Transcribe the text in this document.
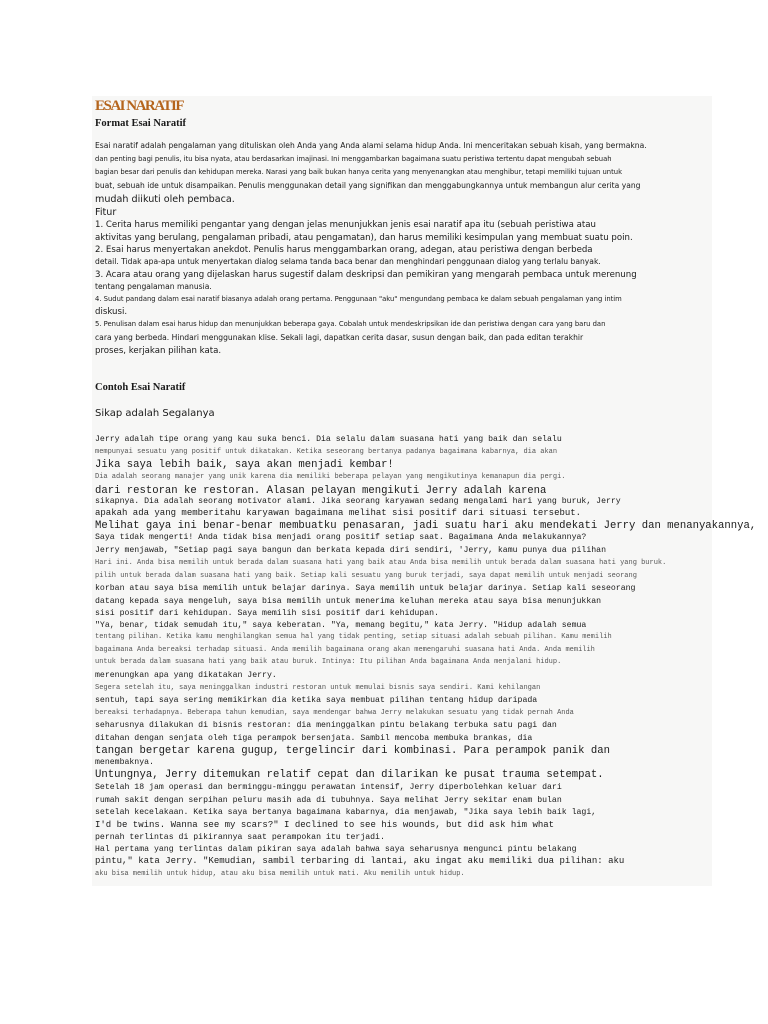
ESAI NARATIF
Format Esai Naratif
Esai naratif adalah pengalaman yang dituliskan oleh Anda yang Anda alami selama hidup Anda. Ini menceritakan sebuah kisah, yang bermakna.
dan penting bagi penulis, itu bisa nyata, atau berdasarkan imajinasi. Ini menggambarkan bagaimana suatu peristiwa tertentu dapat mengubah sebuah
bagian besar dari penulis dan kehidupan mereka. Narasi yang baik bukan hanya cerita yang menyenangkan atau menghibur, tetapi memiliki tujuan untuk
buat, sebuah ide untuk disampaikan. Penulis menggunakan detail yang signifikan dan menggabungkannya untuk membangun alur cerita yang
mudah diikuti oleh pembaca.
Fitur
1. Cerita harus memiliki pengantar yang dengan jelas menunjukkan jenis esai naratif apa itu (sebuah peristiwa atau
aktivitas yang berulang, pengalaman pribadi, atau pengamatan), dan harus memiliki kesimpulan yang membuat suatu poin.
2. Esai harus menyertakan anekdot. Penulis harus menggambarkan orang, adegan, atau peristiwa dengan berbeda
detail. Tidak apa-apa untuk menyertakan dialog selama tanda baca benar dan menghindari penggunaan dialog yang terlalu banyak.
3. Acara atau orang yang dijelaskan harus sugestif dalam deskripsi dan pemikiran yang mengarah pembaca untuk merenung
tentang pengalaman manusia.
4. Sudut pandang dalam esai naratif biasanya adalah orang pertama. Penggunaan "aku" mengundang pembaca ke dalam sebuah pengalaman yang intim
diskusi.
5. Penulisan dalam esai harus hidup dan menunjukkan beberapa gaya. Cobalah untuk mendeskripsikan ide dan peristiwa dengan cara yang baru dan
cara yang berbeda. Hindari menggunakan klise. Sekali lagi, dapatkan cerita dasar, susun dengan baik, dan pada editan terakhir
proses, kerjakan pilihan kata.
Contoh Esai Naratif
Sikap adalah Segalanya
Jerry adalah tipe orang yang kau suka benci. Dia selalu dalam suasana hati yang baik dan selalu
mempunyai sesuatu yang positif untuk dikatakan. Ketika seseorang bertanya padanya bagaimana kabarnya, dia akan
Jika saya lebih baik, saya akan menjadi kembar!
Dia adalah seorang manajer yang unik karena dia memiliki beberapa pelayan yang mengikutinya kemanapun dia pergi.
dari restoran ke restoran. Alasan pelayan mengikuti Jerry adalah karena
sikapnya. Dia adalah seorang motivator alami. Jika seorang karyawan sedang mengalami hari yang buruk, Jerry
apakah ada yang memberitahu karyawan bagaimana melihat sisi positif dari situasi tersebut.
Melihat gaya ini benar-benar membuatku penasaran, jadi suatu hari aku mendekati Jerry dan menanyakannya,
Saya tidak mengerti! Anda tidak bisa menjadi orang positif setiap saat. Bagaimana Anda melakukannya?
Jerry menjawab, "Setiap pagi saya bangun dan berkata kepada diri sendiri, 'Jerry, kamu punya dua pilihan
Hari ini. Anda bisa memilih untuk berada dalam suasana hati yang baik atau Anda bisa memilih untuk berada dalam suasana hati yang buruk.
pilih untuk berada dalam suasana hati yang baik. Setiap kali sesuatu yang buruk terjadi, saya dapat memilih untuk menjadi seorang
korban atau saya bisa memilih untuk belajar darinya. Saya memilih untuk belajar darinya. Setiap kali seseorang
datang kepada saya mengeluh, saya bisa memilih untuk menerima keluhan mereka atau saya bisa menunjukkan
sisi positif dari kehidupan. Saya memilih sisi positif dari kehidupan.
"Ya, benar, tidak semudah itu," saya keberatan. "Ya, memang begitu," kata Jerry. "Hidup adalah semua
tentang pilihan. Ketika kamu menghilangkan semua hal yang tidak penting, setiap situasi adalah sebuah pilihan. Kamu memilih
bagaimana Anda bereaksi terhadap situasi. Anda memilih bagaimana orang akan memengaruhi suasana hati Anda. Anda memilih
untuk berada dalam suasana hati yang baik atau buruk. Intinya: Itu pilihan Anda bagaimana Anda menjalani hidup.
merenungkan apa yang dikatakan Jerry.
Segera setelah itu, saya meninggalkan industri restoran untuk memulai bisnis saya sendiri. Kami kehilangan
sentuh, tapi saya sering memikirkan dia ketika saya membuat pilihan tentang hidup daripada
bereaksi terhadapnya. Beberapa tahun kemudian, saya mendengar bahwa Jerry melakukan sesuatu yang tidak pernah Anda
seharusnya dilakukan di bisnis restoran: dia meninggalkan pintu belakang terbuka satu pagi dan
ditahan dengan senjata oleh tiga perampok bersenjata. Sambil mencoba membuka brankas, dia
tangan bergetar karena gugup, tergelincir dari kombinasi. Para perampok panik dan
menembaknya.
Untungnya, Jerry ditemukan relatif cepat dan dilarikan ke pusat trauma setempat.
Setelah 18 jam operasi dan berminggu-minggu perawatan intensif, Jerry diperbolehkan keluar dari
rumah sakit dengan serpihan peluru masih ada di tubuhnya. Saya melihat Jerry sekitar enam bulan
setelah kecelakaan. Ketika saya bertanya bagaimana kabarnya, dia menjawab, "Jika saya lebih baik lagi,
I'd be twins. Wanna see my scars?" I declined to see his wounds, but did ask him what
pernah terlintas di pikirannya saat perampokan itu terjadi.
Hal pertama yang terlintas dalam pikiran saya adalah bahwa saya seharusnya mengunci pintu belakang
pintu," kata Jerry. "Kemudian, sambil terbaring di lantai, aku ingat aku memiliki dua pilihan: aku
aku bisa memilih untuk hidup, atau aku bisa memilih untuk mati. Aku memilih untuk hidup.
